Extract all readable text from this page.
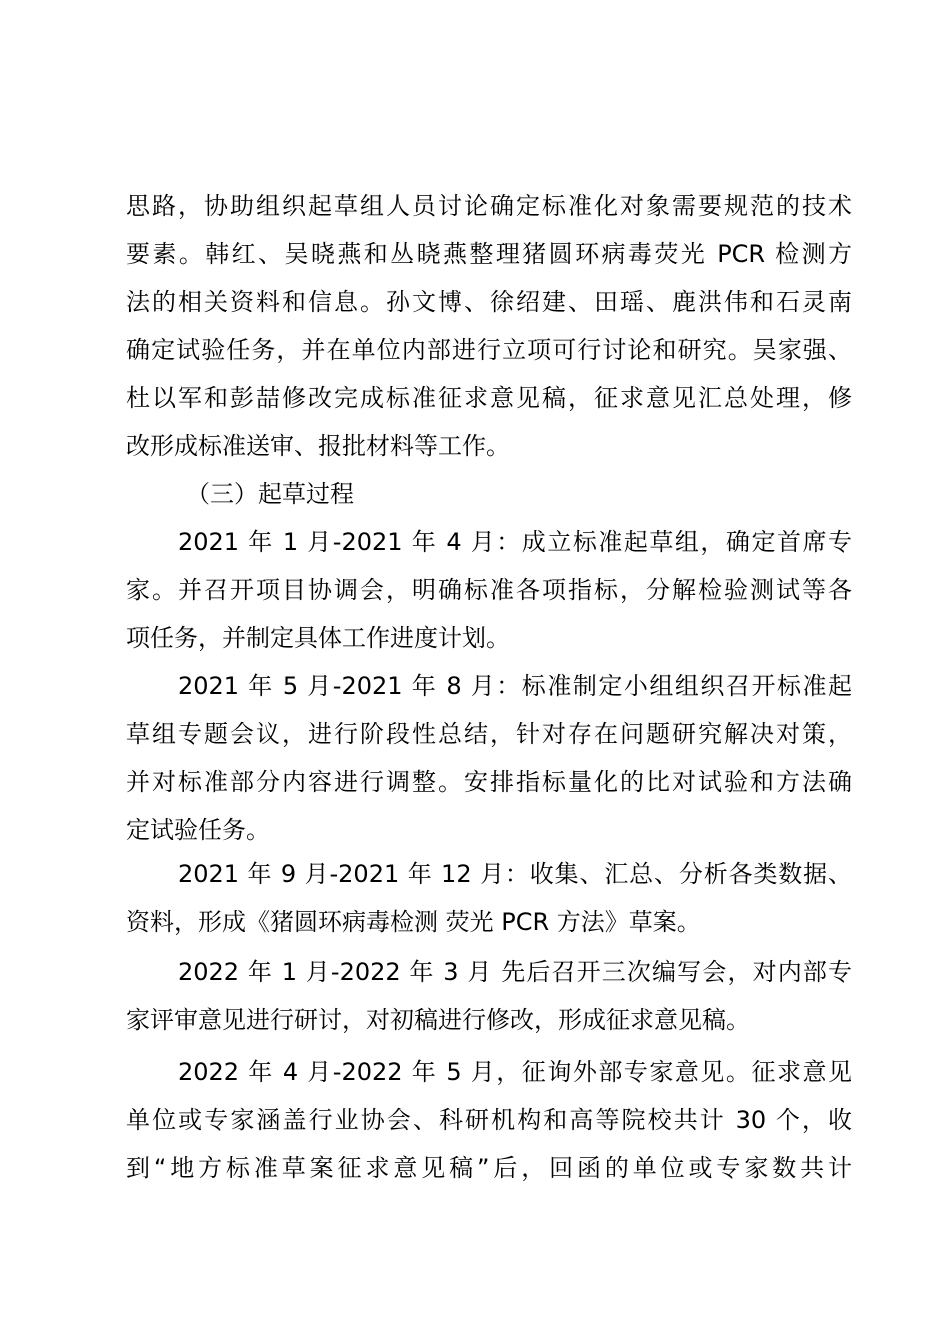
思路，协助组织起草组人员讨论确定标准化对象需要规范的技术
要素。韩红、吴晓燕和丛晓燕整理猪圆环病毒荧光 PCR 检测方
法的相关资料和信息。孙文博、徐绍建、田瑶、鹿洪伟和石灵南
确定试验任务，并在单位内部进行立项可行讨论和研究。吴家强、
杜以军和彭喆修改完成标准征求意见稿，征求意见汇总处理，修
改形成标准送审、报批材料等工作。
（三）起草过程
2021 年 1 月-2021 年 4 月：成立标准起草组，确定首席专
家。并召开项目协调会，明确标准各项指标，分解检验测试等各
项任务，并制定具体工作进度计划。
2021 年 5 月-2021 年 8 月：标准制定小组组织召开标准起
草组专题会议，进行阶段性总结，针对存在问题研究解决对策，
并对标准部分内容进行调整。安排指标量化的比对试验和方法确
定试验任务。
2021 年 9 月-2021 年 12 月：收集、汇总、分析各类数据、
资料，形成《猪圆环病毒检测 荧光 PCR 方法》草案。
2022 年 1 月-2022 年 3 月 先后召开三次编写会，对内部专
家评审意见进行研讨，对初稿进行修改，形成征求意见稿。
2022 年 4 月-2022 年 5 月，征询外部专家意见。征求意见
单位或专家涵盖行业协会、科研机构和高等院校共计 30 个，收
到“地方标准草案征求意见稿”后，回函的单位或专家数共计
